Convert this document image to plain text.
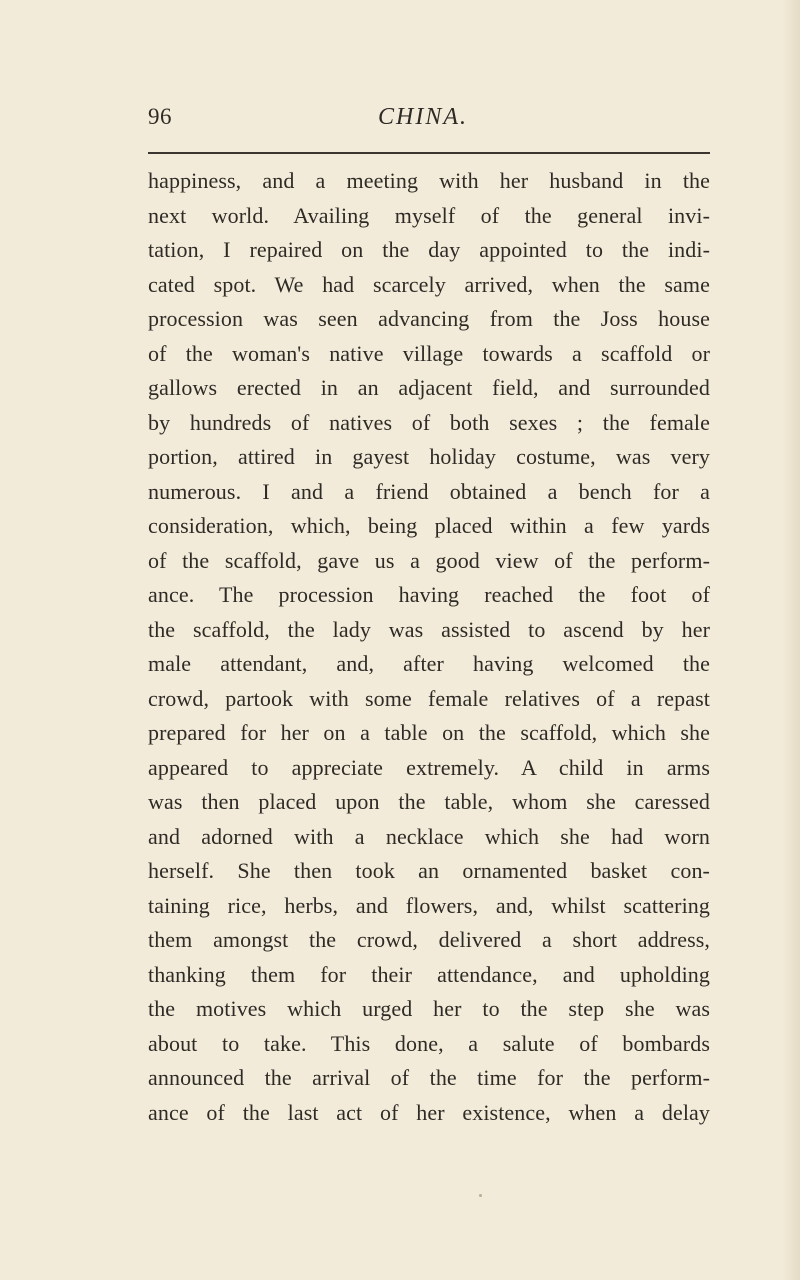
96	CHINA.
happiness, and a meeting with her husband in the
next world. Availing myself of the general invi-
tation, I repaired on the day appointed to the indi-
cated spot. We had scarcely arrived, when the same
procession was seen advancing from the Joss house
of the woman's native village towards a scaffold or
gallows erected in an adjacent field, and surrounded
by hundreds of natives of both sexes ; the female
portion, attired in gayest holiday costume, was very
numerous. I and a friend obtained a bench for a
consideration, which, being placed within a few yards
of the scaffold, gave us a good view of the perform-
ance. The procession having reached the foot of
the scaffold, the lady was assisted to ascend by her
male attendant, and, after having welcomed the
crowd, partook with some female relatives of a repast
prepared for her on a table on the scaffold, which she
appeared to appreciate extremely. A child in arms
was then placed upon the table, whom she caressed
and adorned with a necklace which she had worn
herself. She then took an ornamented basket con-
taining rice, herbs, and flowers, and, whilst scattering
them amongst the crowd, delivered a short address,
thanking them for their attendance, and upholding
the motives which urged her to the step she was
about to take. This done, a salute of bombards
announced the arrival of the time for the perform-
ance of the last act of her existence, when a delay
